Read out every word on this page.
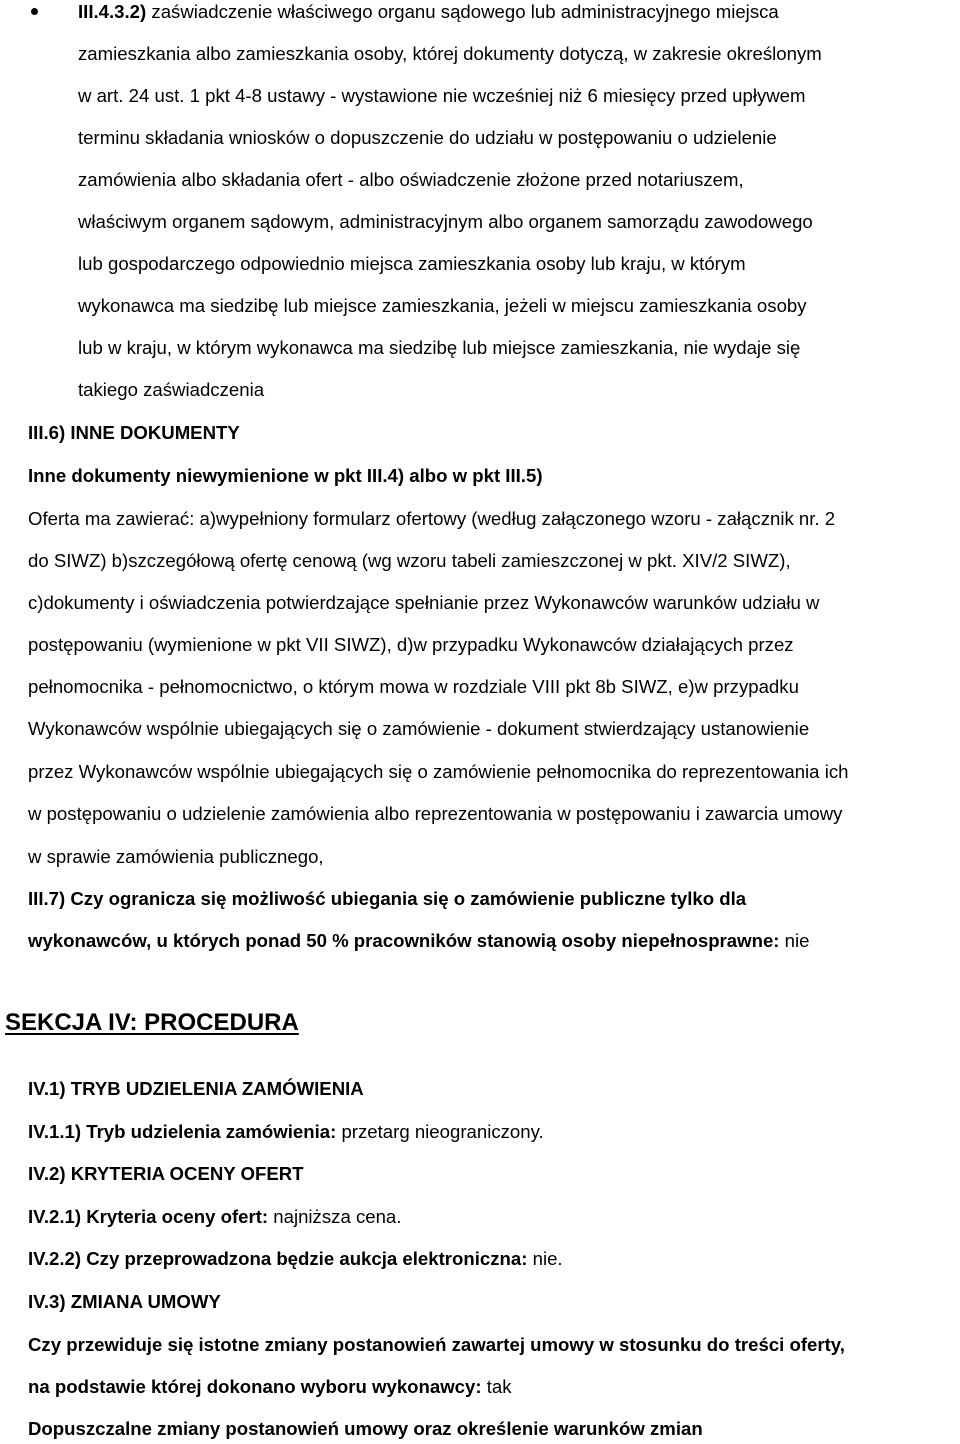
III.4.3.2) zaświadczenie właściwego organu sądowego lub administracyjnego miejsca
zamieszkania albo zamieszkania osoby, której dokumenty dotyczą, w zakresie określonym
w art. 24 ust. 1 pkt 4-8 ustawy - wystawione nie wcześniej niż 6 miesięcy przed upływem
terminu składania wniosków o dopuszczenie do udziału w postępowaniu o udzielenie
zamówienia albo składania ofert - albo oświadczenie złożone przed notariuszem,
właściwym organem sądowym, administracyjnym albo organem samorządu zawodowego
lub gospodarczego odpowiednio miejsca zamieszkania osoby lub kraju, w którym
wykonawca ma siedzibę lub miejsce zamieszkania, jeżeli w miejscu zamieszkania osoby
lub w kraju, w którym wykonawca ma siedzibę lub miejsce zamieszkania, nie wydaje się
takiego zaświadczenia
III.6) INNE DOKUMENTY
Inne dokumenty niewymienione w pkt III.4) albo w pkt III.5)
Oferta ma zawierać: a)wypełniony formularz ofertowy (według załączonego wzoru - załącznik nr. 2
do SIWZ) b)szczegółową ofertę cenową (wg wzoru tabeli zamieszczonej w pkt. XIV/2 SIWZ),
c)dokumenty i oświadczenia potwierdzające spełnianie przez Wykonawców warunków udziału w
postępowaniu (wymienione w pkt VII SIWZ), d)w przypadku Wykonawców działających przez
pełnomocnika - pełnomocnictwo, o którym mowa w rozdziale VIII pkt 8b SIWZ, e)w przypadku
Wykonawców wspólnie ubiegających się o zamówienie - dokument stwierdzający ustanowienie
przez Wykonawców wspólnie ubiegających się o zamówienie pełnomocnika do reprezentowania ich
w postępowaniu o udzielenie zamówienia albo reprezentowania w postępowaniu i zawarcia umowy
w sprawie zamówienia publicznego,
III.7) Czy ogranicza się możliwość ubiegania się o zamówienie publiczne tylko dla
wykonawców, u których ponad 50 % pracowników stanowią osoby niepełnosprawne: nie
SEKCJA IV: PROCEDURA
IV.1) TRYB UDZIELENIA ZAMÓWIENIA
IV.1.1) Tryb udzielenia zamówienia: przetarg nieograniczony.
IV.2) KRYTERIA OCENY OFERT
IV.2.1) Kryteria oceny ofert: najniższa cena.
IV.2.2) Czy przeprowadzona będzie aukcja elektroniczna: nie.
IV.3) ZMIANA UMOWY
Czy przewiduje się istotne zmiany postanowień zawartej umowy w stosunku do treści oferty,
na podstawie której dokonano wyboru wykonawcy: tak
Dopuszczalne zmiany postanowień umowy oraz określenie warunków zmian
